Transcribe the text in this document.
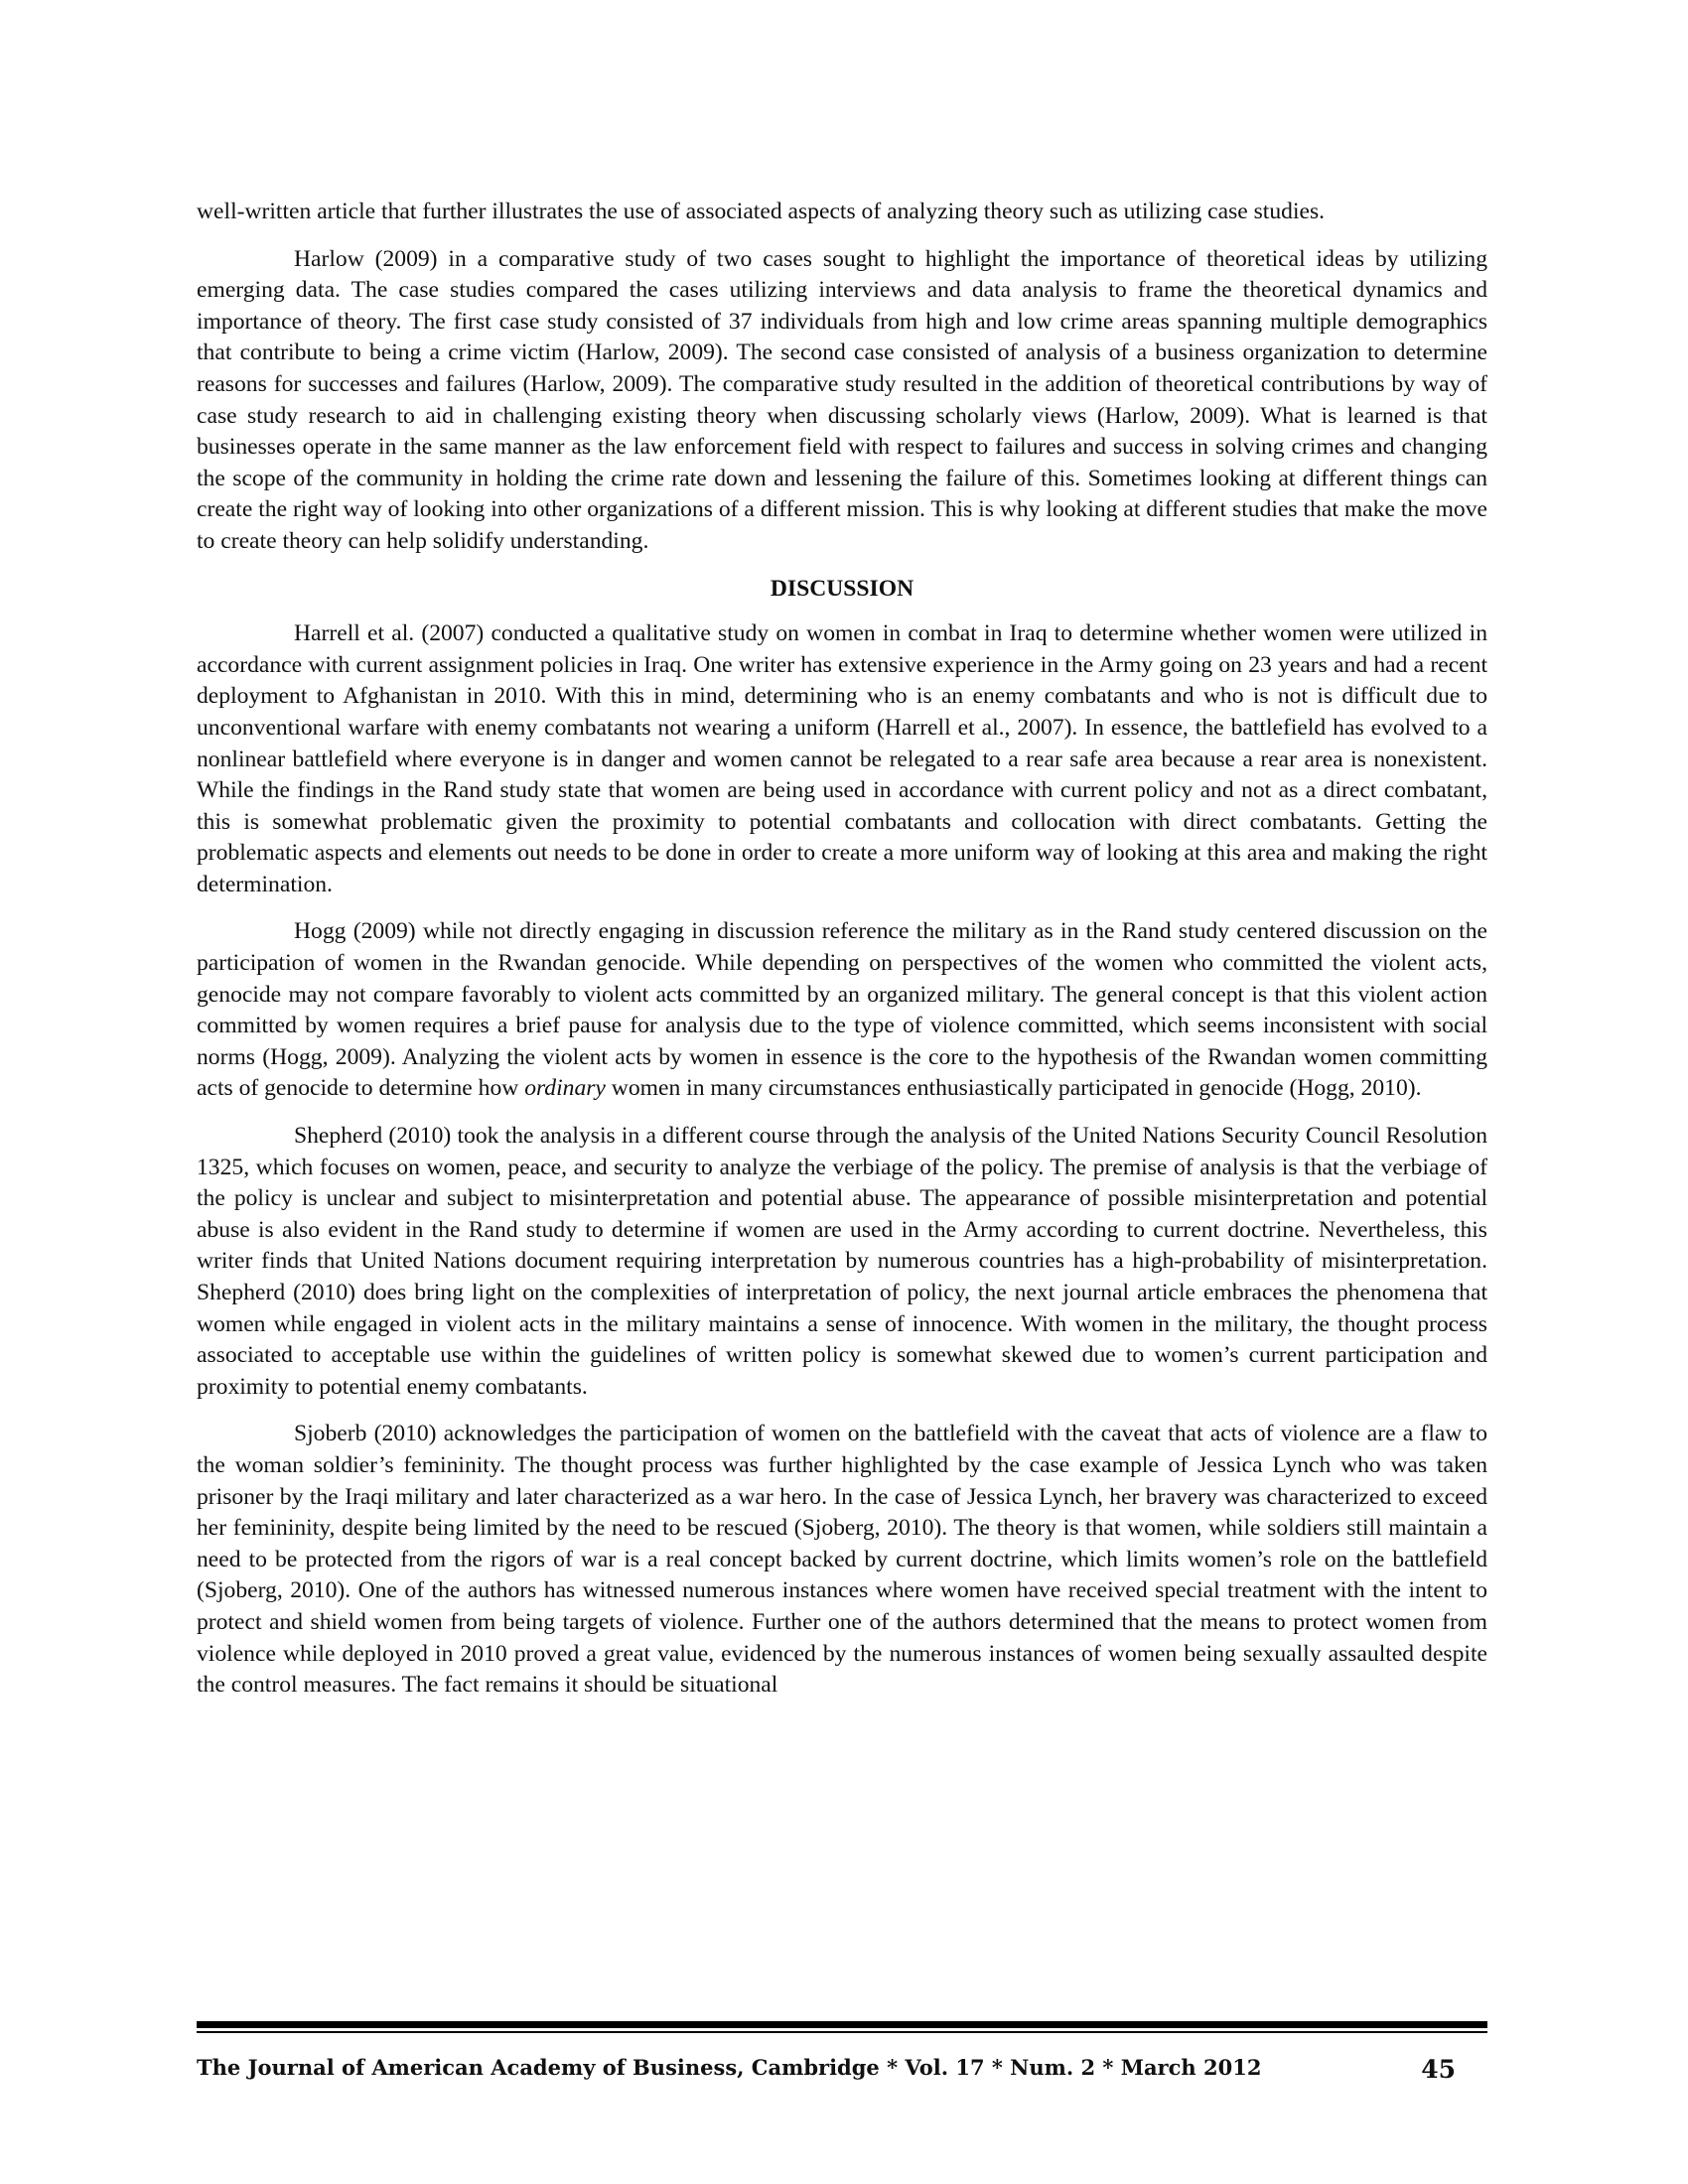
well-written article that further illustrates the use of associated aspects of analyzing theory such as utilizing case studies.

Harlow (2009) in a comparative study of two cases sought to highlight the importance of theoretical ideas by utilizing emerging data. The case studies compared the cases utilizing interviews and data analysis to frame the theoretical dynamics and importance of theory. The first case study consisted of 37 individuals from high and low crime areas spanning multiple demographics that contribute to being a crime victim (Harlow, 2009). The second case consisted of analysis of a business organization to determine reasons for successes and failures (Harlow, 2009). The comparative study resulted in the addition of theoretical contributions by way of case study research to aid in challenging existing theory when discussing scholarly views (Harlow, 2009). What is learned is that businesses operate in the same manner as the law enforcement field with respect to failures and success in solving crimes and changing the scope of the community in holding the crime rate down and lessening the failure of this. Sometimes looking at different things can create the right way of looking into other organizations of a different mission. This is why looking at different studies that make the move to create theory can help solidify understanding.

DISCUSSION

Harrell et al. (2007) conducted a qualitative study on women in combat in Iraq to determine whether women were utilized in accordance with current assignment policies in Iraq. One writer has extensive experience in the Army going on 23 years and had a recent deployment to Afghanistan in 2010. With this in mind, determining who is an enemy combatants and who is not is difficult due to unconventional warfare with enemy combatants not wearing a uniform (Harrell et al., 2007). In essence, the battlefield has evolved to a nonlinear battlefield where everyone is in danger and women cannot be relegated to a rear safe area because a rear area is nonexistent. While the findings in the Rand study state that women are being used in accordance with current policy and not as a direct combatant, this is somewhat problematic given the proximity to potential combatants and collocation with direct combatants. Getting the problematic aspects and elements out needs to be done in order to create a more uniform way of looking at this area and making the right determination.

Hogg (2009) while not directly engaging in discussion reference the military as in the Rand study centered discussion on the participation of women in the Rwandan genocide. While depending on perspectives of the women who committed the violent acts, genocide may not compare favorably to violent acts committed by an organized military. The general concept is that this violent action committed by women requires a brief pause for analysis due to the type of violence committed, which seems inconsistent with social norms (Hogg, 2009). Analyzing the violent acts by women in essence is the core to the hypothesis of the Rwandan women committing acts of genocide to determine how ordinary women in many circumstances enthusiastically participated in genocide (Hogg, 2010).

Shepherd (2010) took the analysis in a different course through the analysis of the United Nations Security Council Resolution 1325, which focuses on women, peace, and security to analyze the verbiage of the policy. The premise of analysis is that the verbiage of the policy is unclear and subject to misinterpretation and potential abuse. The appearance of possible misinterpretation and potential abuse is also evident in the Rand study to determine if women are used in the Army according to current doctrine. Nevertheless, this writer finds that United Nations document requiring interpretation by numerous countries has a high-probability of misinterpretation. Shepherd (2010) does bring light on the complexities of interpretation of policy, the next journal article embraces the phenomena that women while engaged in violent acts in the military maintains a sense of innocence. With women in the military, the thought process associated to acceptable use within the guidelines of written policy is somewhat skewed due to women’s current participation and proximity to potential enemy combatants.

Sjoberb (2010) acknowledges the participation of women on the battlefield with the caveat that acts of violence are a flaw to the woman soldier’s femininity. The thought process was further highlighted by the case example of Jessica Lynch who was taken prisoner by the Iraqi military and later characterized as a war hero. In the case of Jessica Lynch, her bravery was characterized to exceed her femininity, despite being limited by the need to be rescued (Sjoberg, 2010). The theory is that women, while soldiers still maintain a need to be protected from the rigors of war is a real concept backed by current doctrine, which limits women’s role on the battlefield (Sjoberg, 2010). One of the authors has witnessed numerous instances where women have received special treatment with the intent to protect and shield women from being targets of violence. Further one of the authors determined that the means to protect women from violence while deployed in 2010 proved a great value, evidenced by the numerous instances of women being sexually assaulted despite the control measures. The fact remains it should be situational

The Journal of American Academy of Business, Cambridge * Vol. 17 * Num. 2 * March 2012	45
